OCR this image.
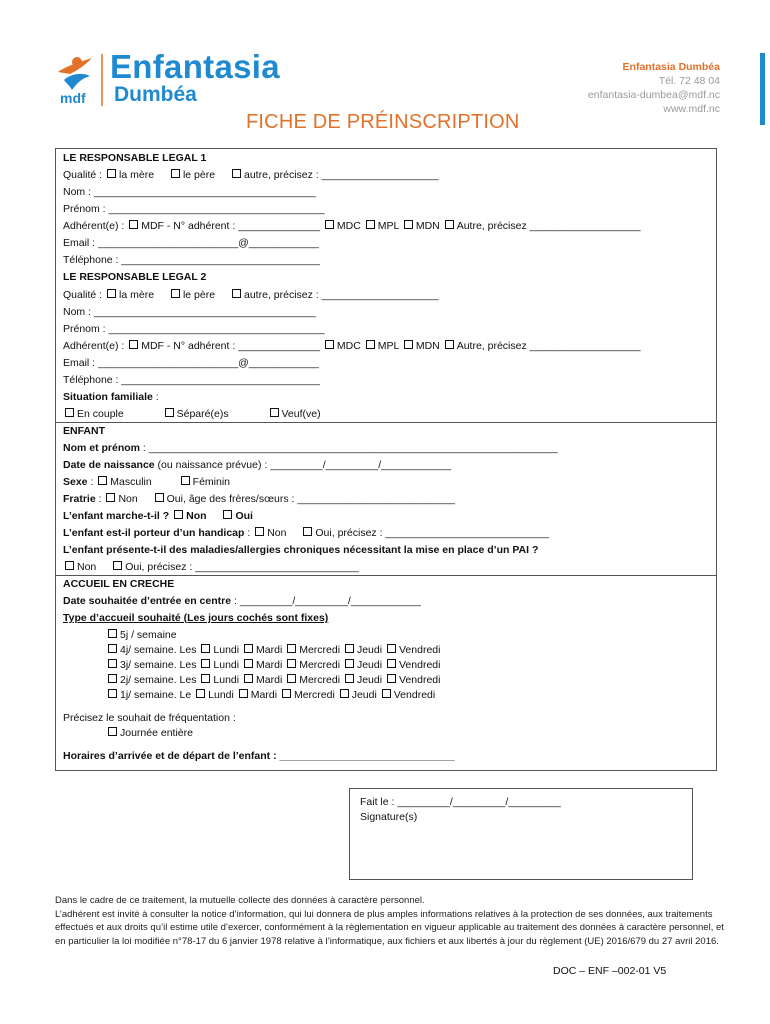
mdf
Enfantasia
Dumbéa
Enfantasia Dumbéa
Tél. 72 48 04
enfantasia-dumbea@mdf.nc
www.mdf.nc
FICHE DE PRÉINSCRIPTION
LE RESPONSABLE LEGAL 1
Qualité : la mère	le père	autre, précisez : ____________________
Nom : ______________________________________
Prénom : _____________________________________
Adhérent(e) : MDF - N° adhérent : ______________ MDC MPL MDN Autre, précisez ___________________
Email : ________________________@____________
Téléphone : __________________________________
LE RESPONSABLE LEGAL 2
Qualité : la mère	le père	autre, précisez : ____________________
Nom : ______________________________________
Prénom : _____________________________________
Adhérent(e) : MDF - N° adhérent : ______________ MDC MPL MDN Autre, précisez ___________________
Email : ________________________@____________
Téléphone : __________________________________
Situation familiale :
En couple	Séparé(e)s	Veuf(ve)
ENFANT
Nom et prénom : ______________________________________________________________________
Date de naissance (ou naissance prévue) : _________/_________/____________
Sexe : Masculin	Féminin
Fratrie : Non	Oui, âge des frères/sœurs : ___________________________
L’enfant marche-t-il ? Non	Oui
L’enfant est-il porteur d’un handicap : Non	Oui, précisez : ____________________________
L’enfant présente-t-il des maladies/allergies chroniques nécessitant la mise en place d’un PAI ?
Non	Oui, précisez : ____________________________
ACCUEIL EN CRECHE
Date souhaitée d’entrée en centre : _________/_________/____________
Type d’accueil souhaité (Les jours cochés sont fixes)
5j / semaine
4j/ semaine. Les Lundi Mardi Mercredi Jeudi Vendredi
3j/ semaine. Les Lundi Mardi Mercredi Jeudi Vendredi
2j/ semaine. Les Lundi Mardi Mercredi Jeudi Vendredi
1j/ semaine. Le Lundi Mardi Mercredi Jeudi Vendredi
Précisez le souhait de fréquentation :
Journée entière
Horaires d’arrivée et de départ de l’enfant : ______________________________
Fait le : _________/_________/_________
Signature(s)
Dans le cadre de ce traitement, la mutuelle collecte des données à caractère personnel.
L’adhérent est invité à consulter la notice d’information, qui lui donnera de plus amples informations relatives à la protection de ses données, aux traitements effectués et aux droits qu’il estime utile d’exercer, conformément à la règlementation en vigueur applicable au traitement des données à caractère personnel, et en particulier la loi modifiée n°78-17 du 6 janvier 1978 relative à l’informatique, aux fichiers et aux libertés à jour du règlement (UE) 2016/679 du 27 avril 2016.
DOC – ENF –002-01 V5
